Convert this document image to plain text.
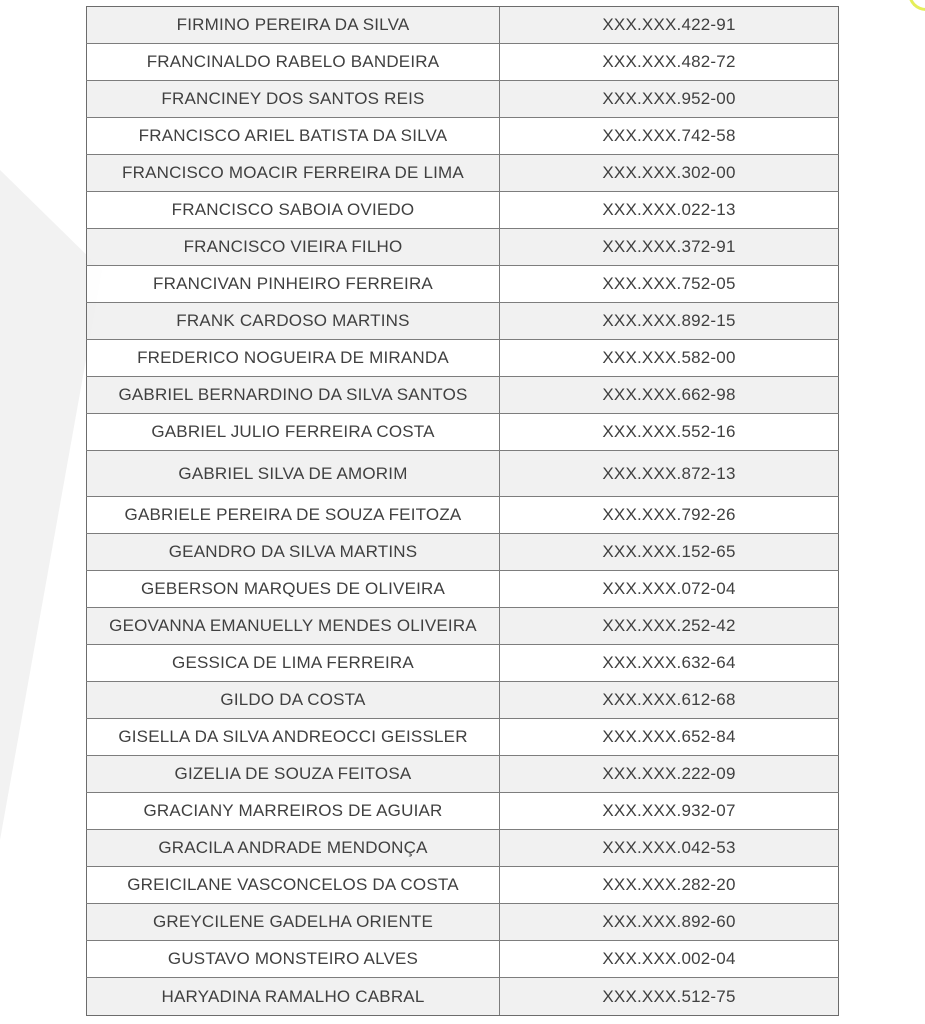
FIRMINO PEREIRA DA SILVA	XXX.XXX.422-91
FRANCINALDO RABELO BANDEIRA	XXX.XXX.482-72
FRANCINEY DOS SANTOS REIS	XXX.XXX.952-00
FRANCISCO ARIEL BATISTA DA SILVA	XXX.XXX.742-58
FRANCISCO MOACIR FERREIRA DE LIMA	XXX.XXX.302-00
FRANCISCO SABOIA OVIEDO	XXX.XXX.022-13
FRANCISCO VIEIRA FILHO	XXX.XXX.372-91
FRANCIVAN PINHEIRO FERREIRA	XXX.XXX.752-05
FRANK CARDOSO MARTINS	XXX.XXX.892-15
FREDERICO NOGUEIRA DE MIRANDA	XXX.XXX.582-00
GABRIEL BERNARDINO DA SILVA SANTOS	XXX.XXX.662-98
GABRIEL JULIO FERREIRA COSTA	XXX.XXX.552-16
GABRIEL SILVA DE AMORIM	XXX.XXX.872-13
GABRIELE PEREIRA DE SOUZA FEITOZA	XXX.XXX.792-26
GEANDRO DA SILVA MARTINS	XXX.XXX.152-65
GEBERSON MARQUES DE OLIVEIRA	XXX.XXX.072-04
GEOVANNA EMANUELLY MENDES OLIVEIRA	XXX.XXX.252-42
GESSICA DE LIMA FERREIRA	XXX.XXX.632-64
GILDO DA COSTA	XXX.XXX.612-68
GISELLA DA SILVA ANDREOCCI GEISSLER	XXX.XXX.652-84
GIZELIA DE SOUZA FEITOSA	XXX.XXX.222-09
GRACIANY MARREIROS DE AGUIAR	XXX.XXX.932-07
GRACILA ANDRADE MENDONÇA	XXX.XXX.042-53
GREICILANE VASCONCELOS DA COSTA	XXX.XXX.282-20
GREYCILENE GADELHA ORIENTE	XXX.XXX.892-60
GUSTAVO MONSTEIRO ALVES	XXX.XXX.002-04
HARYADINA RAMALHO CABRAL	XXX.XXX.512-75
